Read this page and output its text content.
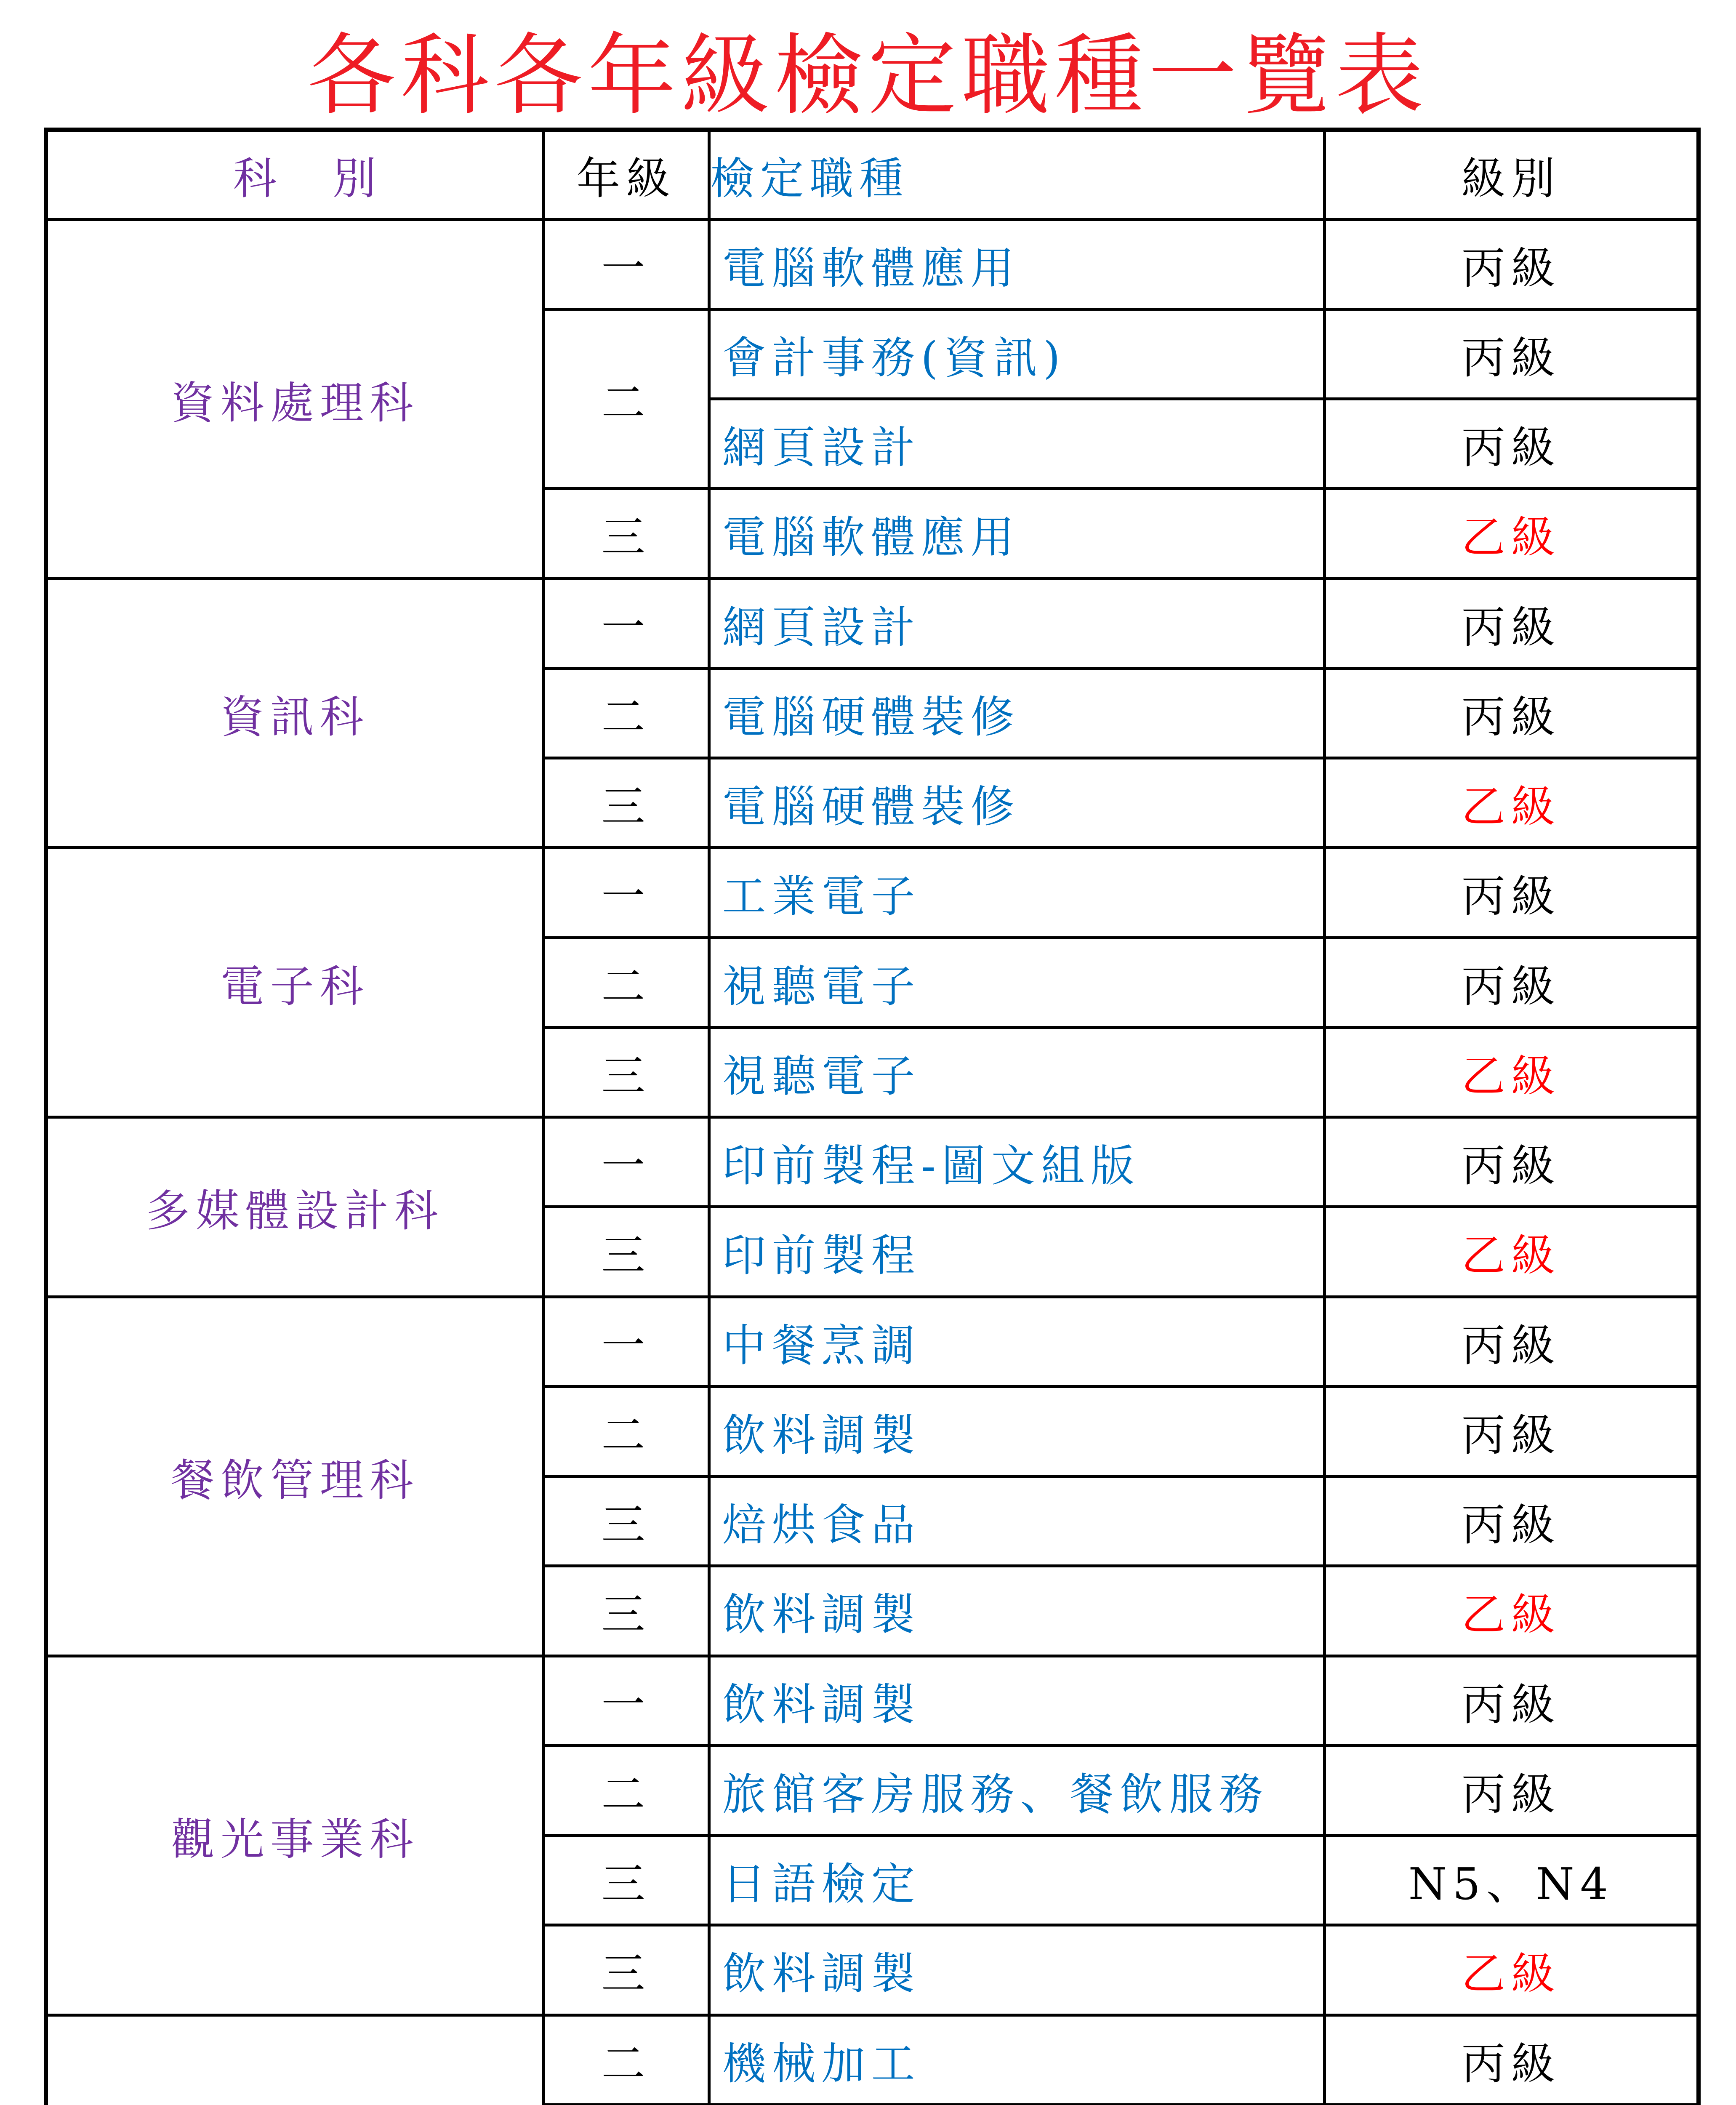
各科各年級檢定職種一覽表
科　別	年級	檢定職種	級別
資料處理科	一	電腦軟體應用	丙級
	二	會計事務(資訊)	丙級
		網頁設計	丙級
	三	電腦軟體應用	乙級
資訊科	一	網頁設計	丙級
	二	電腦硬體裝修	丙級
	三	電腦硬體裝修	乙級
電子科	一	工業電子	丙級
	二	視聽電子	丙級
	三	視聽電子	乙級
多媒體設計科	一	印前製程-圖文組版	丙級
	三	印前製程	乙級
餐飲管理科	一	中餐烹調	丙級
	二	飲料調製	丙級
	三	焙烘食品	丙級
	三	飲料調製	乙級
觀光事業科	一	飲料調製	丙級
	二	旅館客房服務、餐飲服務	丙級
	三	日語檢定	N5、N4
	三	飲料調製	乙級
	二	機械加工	丙級
